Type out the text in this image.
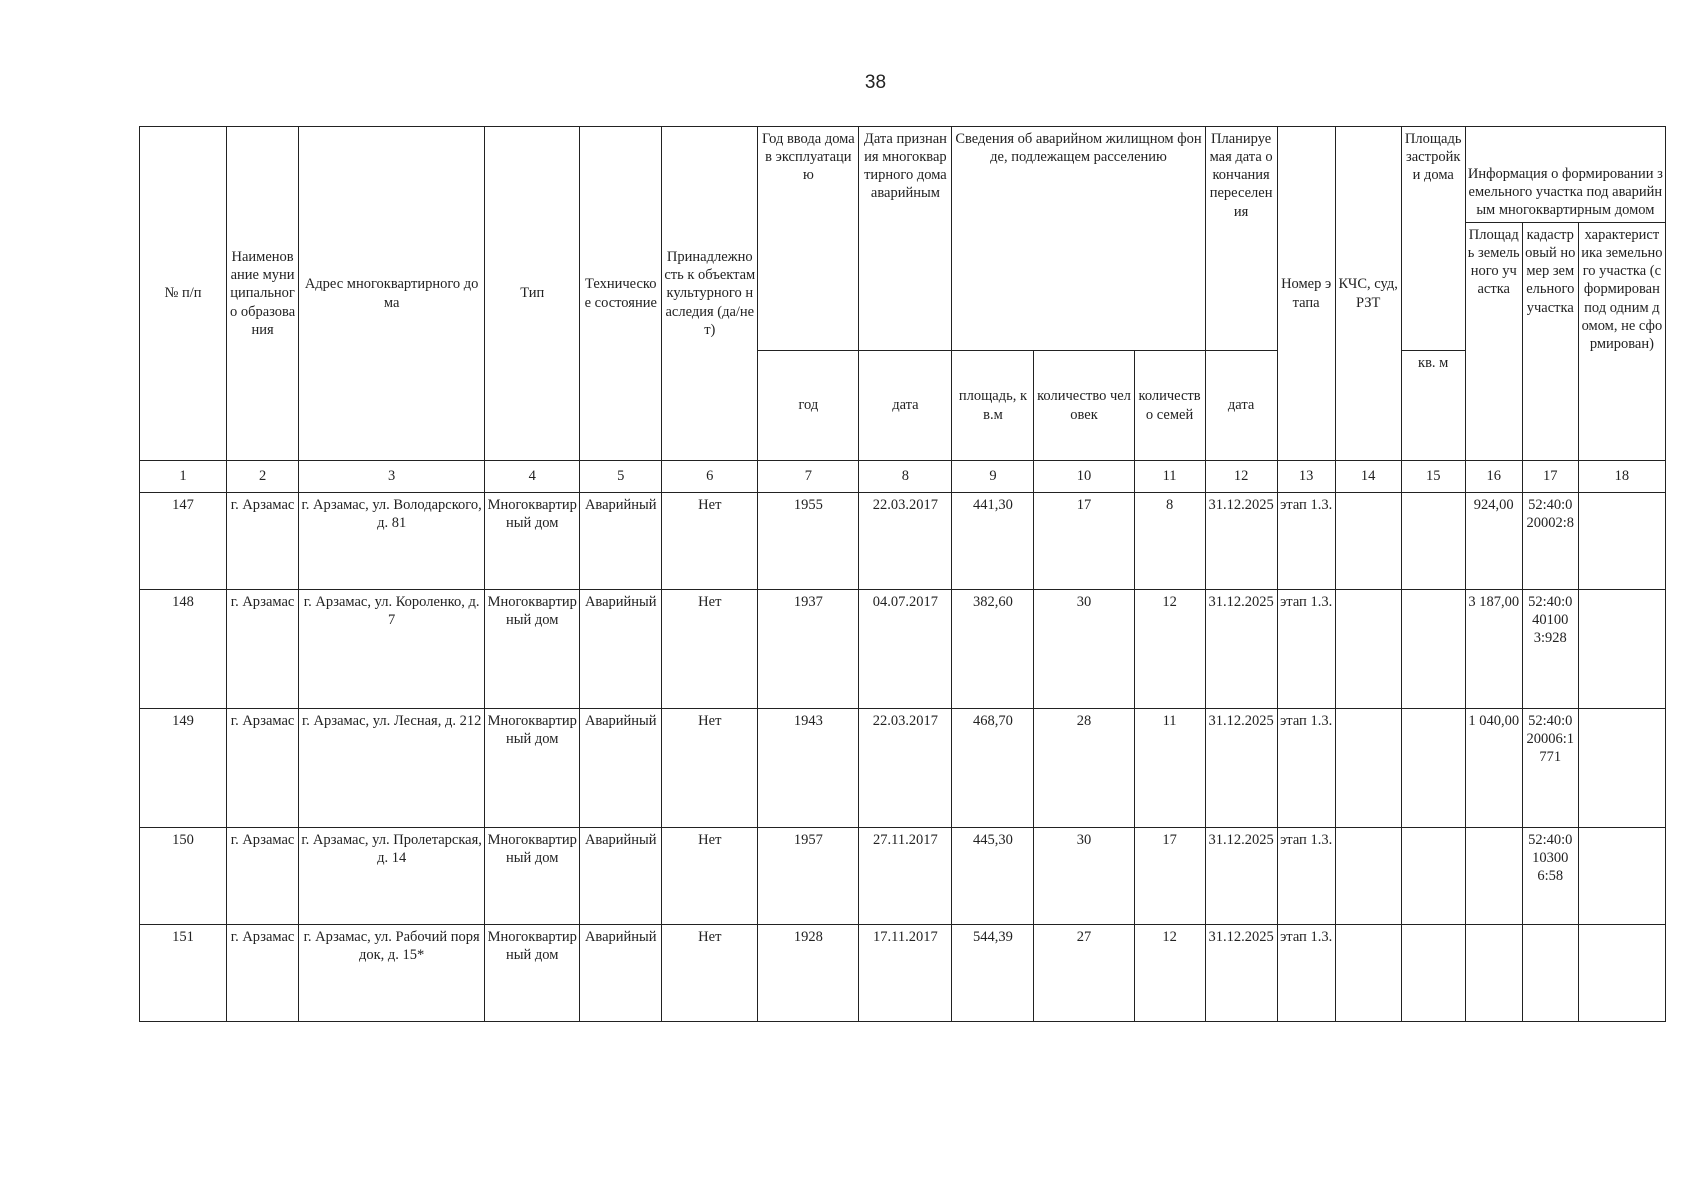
38
№ п/п	Наименование муниципального образования	Адрес многоквартирного дома	Тип	Техническое состояние	Принадлежность к объектам культурного наследия (да/нет)	Год ввода дома в эксплуатацию	Дата признания многоквартирного дома аварийным	Сведения об аварийном жилищном фонде, подлежащем расселению			Планируемая дата окончания переселения	Номер этапа	КЧС, суд, РЗТ	Площадь застройки дома	Информация о формировании земельного участка под аварийным многоквартирным домом		
															Площадь земельного участка	кадастровый номер земельного участка	характеристика земельного участка (сформирован под одним домом, не сформирован)
						год	дата	площадь, кв.м	количество человек	количество семей	дата			кв. м			
1	2	3	4	5	6	7	8	9	10	11	12	13	14	15	16	17	18
147	г. Арзамас	г. Арзамас, ул. Володарского, д. 81	Многоквартирный дом	Аварийный	Нет	1955	22.03.2017	441,30	17	8	31.12.2025	этап 1.3.			924,00	52:40:020002:8	
148	г. Арзамас	г. Арзамас, ул. Короленко, д. 7	Многоквартирный дом	Аварийный	Нет	1937	04.07.2017	382,60	30	12	31.12.2025	этап 1.3.			3 187,00	52:40:040100 3:928	
149	г. Арзамас	г. Арзамас, ул. Лесная, д. 212	Многоквартирный дом	Аварийный	Нет	1943	22.03.2017	468,70	28	11	31.12.2025	этап 1.3.			1 040,00	52:40:020006:1771	
150	г. Арзамас	г. Арзамас, ул. Пролетарская, д. 14	Многоквартирный дом	Аварийный	Нет	1957	27.11.2017	445,30	30	17	31.12.2025	этап 1.3.				52:40:010300 6:58	
151	г. Арзамас	г. Арзамас, ул. Рабочий порядок, д. 15*	Многоквартирный дом	Аварийный	Нет	1928	17.11.2017	544,39	27	12	31.12.2025	этап 1.3.					
